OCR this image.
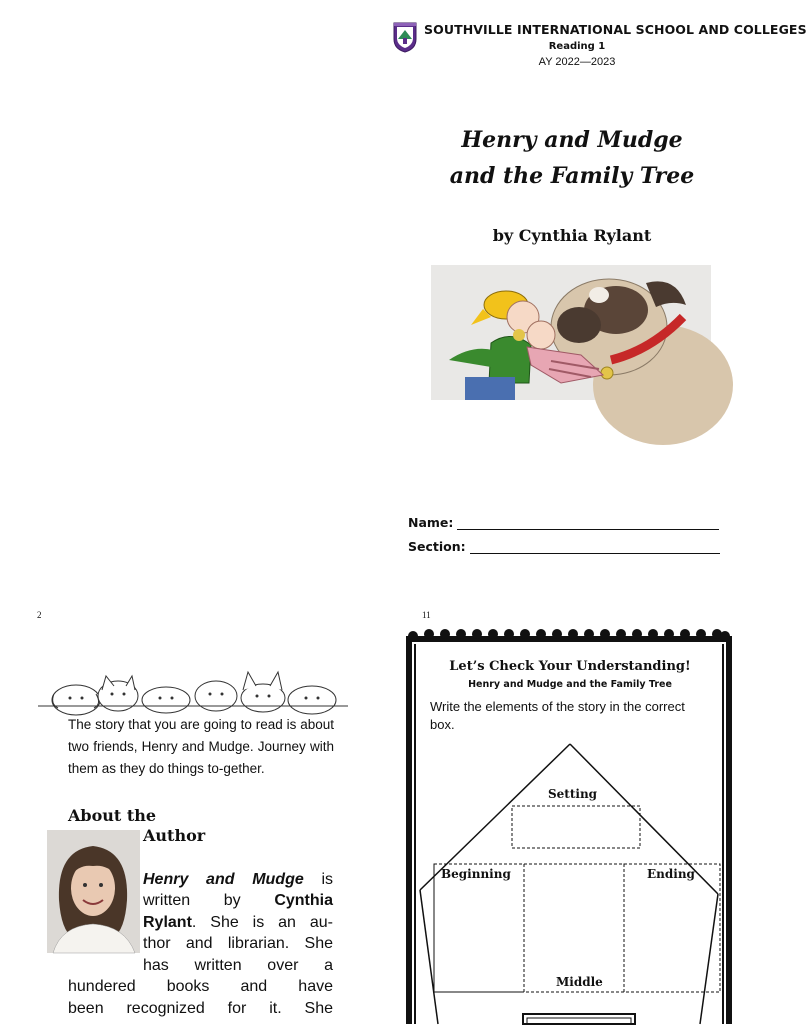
SOUTHVILLE INTERNATIONAL SCHOOL AND COLLEGES
Reading 1
AY 2022—2023
Henry and Mudge
and the Family Tree
by Cynthia Rylant
Name:
Section:
2
The story that you are going to read is about two friends, Henry and Mudge. Journey with them as they do things to-gether.
About the
Author
Henry and Mudge is
written by Cynthia
Rylant. She is an au-
thor and librarian. She
has written over a
hundered books and have
been recognized for it. She
11
Let’s Check Your Understanding!
Henry and Mudge and the Family Tree
Write the elements of the story in the correct box.
Setting
Beginning	Ending
Middle
